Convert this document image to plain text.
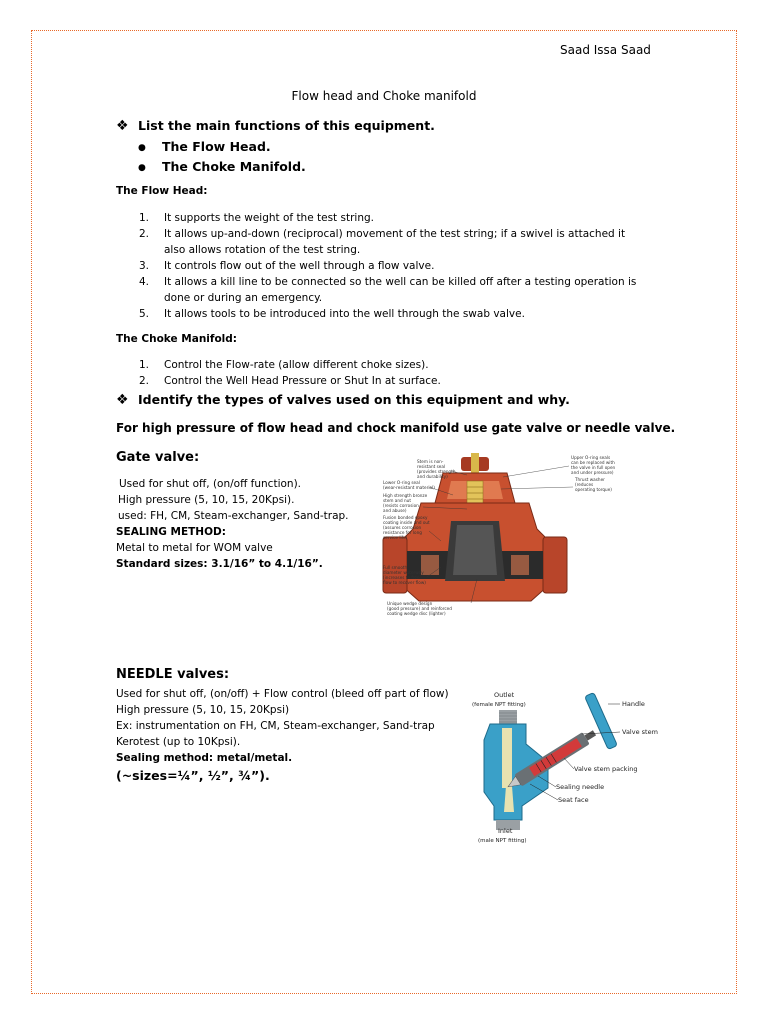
Saad Issa Saad
Flow head and Choke manifold
❖ List the main functions of this equipment.
● The Flow Head.
● The Choke Manifold.
The Flow Head:
1. It supports the weight of the test string.
2. It allows up-and-down (reciprocal) movement of the test string; if a swivel is attached it also allows rotation of the test string.
3. It controls flow out of the well through a flow valve.
4. It allows a kill line to be connected so the well can be killed off after a testing operation is done or during an emergency.
5. It allows tools to be introduced into the well through the swab valve.
The Choke Manifold:
1. Control the Flow-rate (allow different choke sizes).
2. Control the Well Head Pressure or Shut In at surface.
❖ Identify the types of valves used on this equipment and why.
For high pressure of flow head and chock manifold use gate valve or needle valve.
Gate valve:
Used for shut off, (on/off function).
High pressure (5, 10, 15, 20Kpsi).
used: FH, CM, Steam-exchanger, Sand-trap.
SEALING METHOD:
Metal to metal for WOM valve
Standard sizes: 3.1/16” to 4.1/16”.
Stem is non-
resistant seal
(provides strength
and durability)
Lower O-ring seal
(wear-resistant material)
High strength bronze
stem and nut
(resists corrosion
and abuse)
Fusion bonded epoxy
coating inside and out
(assures corrosion
resistance for long
service life)
Full smooth
diameter waterway
(increases to free
flow to recover flow)
Unique wedge design
(good pressure) and reinforced
coating wedge disc (lighter)
Upper O-ring seals
can be replaced with
the valve in full open
and under pressure)
Thrust washer
(reduces
operating torque)
NEEDLE valves:
Used for shut off, (on/off) + Flow control (bleed off part of flow)
High pressure (5, 10, 15, 20Kpsi)
Ex: instrumentation on FH, CM, Steam-exchanger, Sand-trap
Kerotest (up to 10Kpsi).
Sealing method: metal/metal.
(~sizes=¼”, ½”, ¾”).
Outlet
(female NPT fitting)	Handle
Valve stem
Valve stem packing
Sealing needle
Seat face
Inlet
(male NPT fitting)
